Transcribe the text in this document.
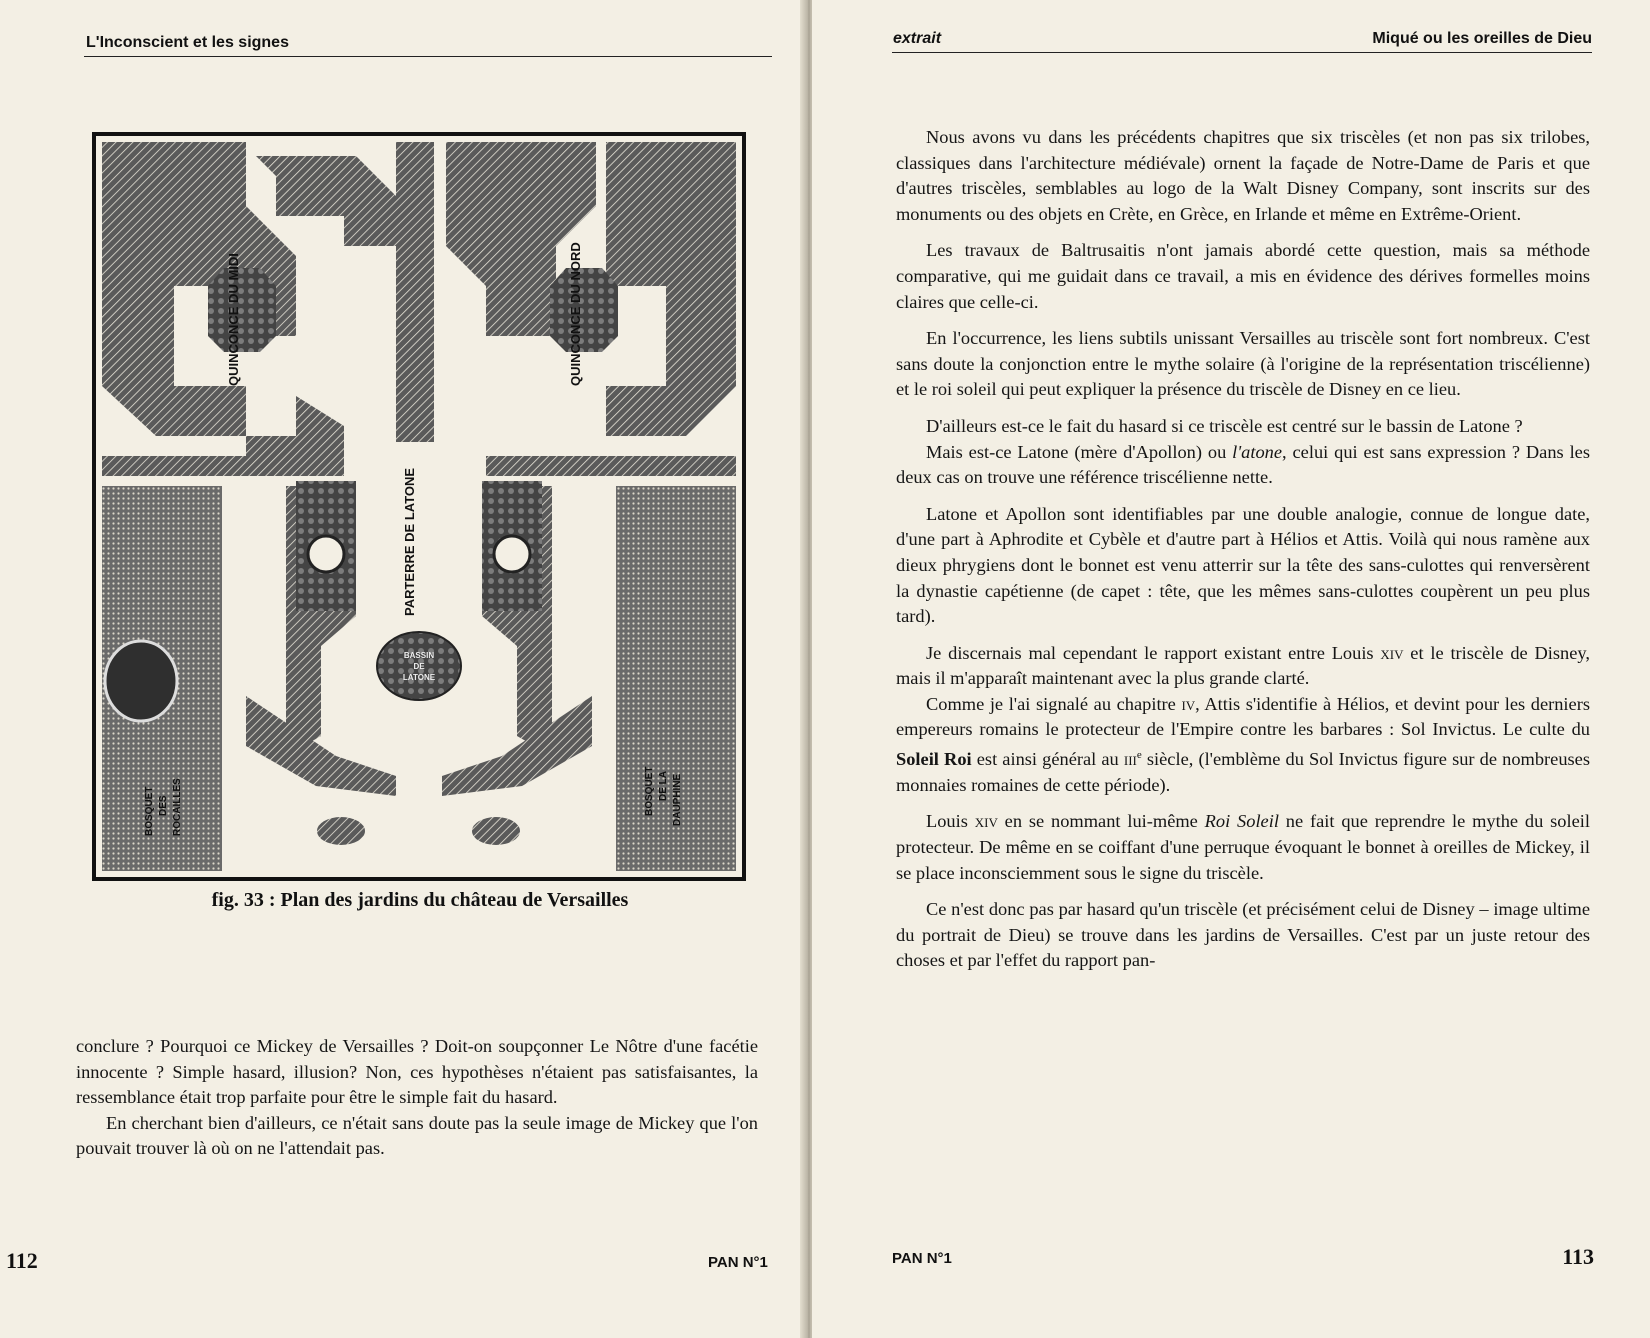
L'Inconscient et les signes
QUINCONCE DU MIDI	QUINCONCE DU NORD
PARTERRE DE LATONE
BASSIN
DE
LATONE
BOSQUET DES ROCAILLES	BOSQUET DE LA DAUPHINE
fig. 33 : Plan des jardins du château de Versailles

conclure ? Pourquoi ce Mickey de Versailles ? Doit-on soupçonner Le Nôtre d'une facétie innocente ? Simple hasard, illusion? Non, ces hypothèses n'étaient pas satisfaisantes, la ressemblance était trop parfaite pour être le simple fait du hasard.

En cherchant bien d'ailleurs, ce n'était sans doute pas la seule image de Mickey que l'on pouvait trouver là où on ne l'attendait pas.

112	PAN N°1
extrait	Miqué ou les oreilles de Dieu

Nous avons vu dans les précédents chapitres que six triscèles (et non pas six trilobes, classiques dans l'architecture médiévale) ornent la façade de Notre-Dame de Paris et que d'autres triscèles, semblables au logo de la Walt Disney Company, sont inscrits sur des monuments ou des objets en Crète, en Grèce, en Irlande et même en Extrême-Orient.

Les travaux de Baltrusaitis n'ont jamais abordé cette question, mais sa méthode comparative, qui me guidait dans ce travail, a mis en évidence des dérives formelles moins claires que celle-ci.

En l'occurrence, les liens subtils unissant Versailles au triscèle sont fort nombreux. C'est sans doute la conjonction entre le mythe solaire (à l'origine de la représentation triscélienne) et le roi soleil qui peut expliquer la présence du triscèle de Disney en ce lieu.

D'ailleurs est-ce le fait du hasard si ce triscèle est centré sur le bassin de Latone ?

Mais est-ce Latone (mère d'Apollon) ou l'atone, celui qui est sans expression ? Dans les deux cas on trouve une référence triscélienne nette.

Latone et Apollon sont identifiables par une double analogie, connue de longue date, d'une part à Aphrodite et Cybèle et d'autre part à Hélios et Attis. Voilà qui nous ramène aux dieux phrygiens dont le bonnet est venu atterrir sur la tête des sans-culottes qui renversèrent la dynastie capétienne (de capet : tête, que les mêmes sans-culottes coupèrent un peu plus tard).

Je discernais mal cependant le rapport existant entre Louis xiv et le triscèle de Disney, mais il m'apparaît maintenant avec la plus grande clarté.

Comme je l'ai signalé au chapitre iv, Attis s'identifie à Hélios, et devint pour les derniers empereurs romains le protecteur de l'Empire contre les barbares : Sol Invictus. Le culte du Soleil Roi est ainsi général au iii$^e$ siècle, (l'emblème du Sol Invictus figure sur de nombreuses monnaies romaines de cette période).

Louis xiv en se nommant lui-même Roi Soleil ne fait que reprendre le mythe du soleil protecteur. De même en se coiffant d'une perruque évoquant le bonnet à oreilles de Mickey, il se place inconsciemment sous le signe du triscèle.

Ce n'est donc pas par hasard qu'un triscèle (et précisément celui de Disney – image ultime du portrait de Dieu) se trouve dans les jardins de Versailles. C'est par un juste retour des choses et par l'effet du rapport pan-

PAN N°1	113
